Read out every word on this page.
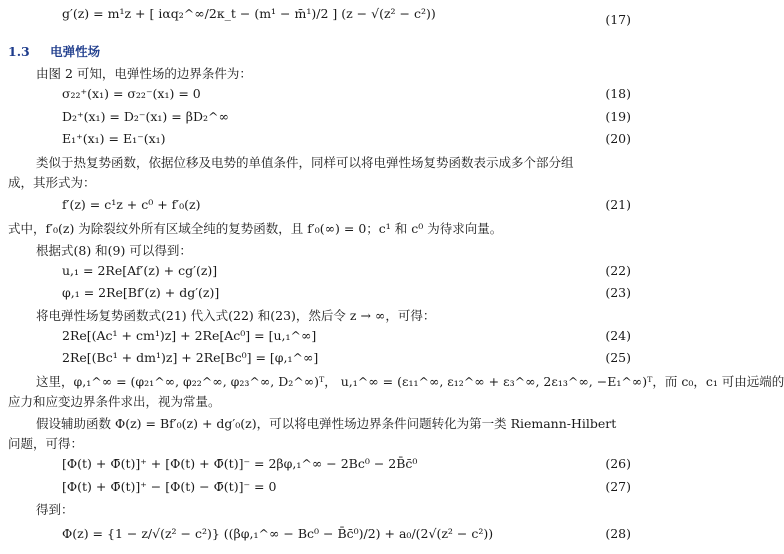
g′(z) = m¹z + [ iαq₂^∞/2κ_t − (m¹ − m̄¹)/2 ] (z − √(z² − c²))	(17)
1.3 电弹性场
由图 2 可知，电弹性场的边界条件为：
σ₂₂⁺(x₁) = σ₂₂⁻(x₁) = 0	(18)
D₂⁺(x₁) = D₂⁻(x₁) = βD₂^∞	(19)
E₁⁺(x₁) = E₁⁻(x₁)	(20)
类似于热复势函数，依据位移及电势的单值条件，同样可以将电弹性场复势函数表示成多个部分组
成，其形式为：
f′(z) = c¹z + c⁰ + f′₀(z)	(21)
式中，f′₀(z) 为除裂纹外所有区域全纯的复势函数，且 f′₀(∞) = 0；c¹ 和 c⁰ 为待求向量。
根据式(8) 和(9) 可以得到：
u,₁ = 2Re[Af′(z) + cg′(z)]	(22)
φ,₁ = 2Re[Bf′(z) + dg′(z)]	(23)
将电弹性场复势函数式(21) 代入式(22) 和(23)，然后令 z → ∞，可得：
2Re[(Ac¹ + cm¹)z] + 2Re[Ac⁰] = [u,₁^∞]	(24)
2Re[(Bc¹ + dm¹)z] + 2Re[Bc⁰] = [φ,₁^∞]	(25)
这里，φ,₁^∞ = (φ₂₁^∞, φ₂₂^∞, φ₂₃^∞, D₂^∞)ᵀ， u,₁^∞ = (ε₁₁^∞, ε₁₂^∞ + ε₃^∞, 2ε₁₃^∞, −E₁^∞)ᵀ，而 c₀，c₁ 可由远端的
应力和应变边界条件求出，视为常量。
假设辅助函数 Φ(z) = Bf′₀(z) + dg′₀(z)，可以将电弹性场边界条件问题转化为第一类 Riemann-Hilbert
问题，可得：
[Φ(t) + Φ̄(t)]⁺ + [Φ(t) + Φ̄(t)]⁻ = 2βφ,₁^∞ − 2Bc⁰ − 2B̄c̄⁰	(26)
[Φ(t) + Φ̄(t)]⁺ − [Φ(t) − Φ̄(t)]⁻ = 0	(27)
得到：
Φ(z) = {1 − z/√(z² − c²)} ((βφ,₁^∞ − Bc⁰ − B̄c̄⁰)/2) + a₀/(2√(z² − c²))	(28)
